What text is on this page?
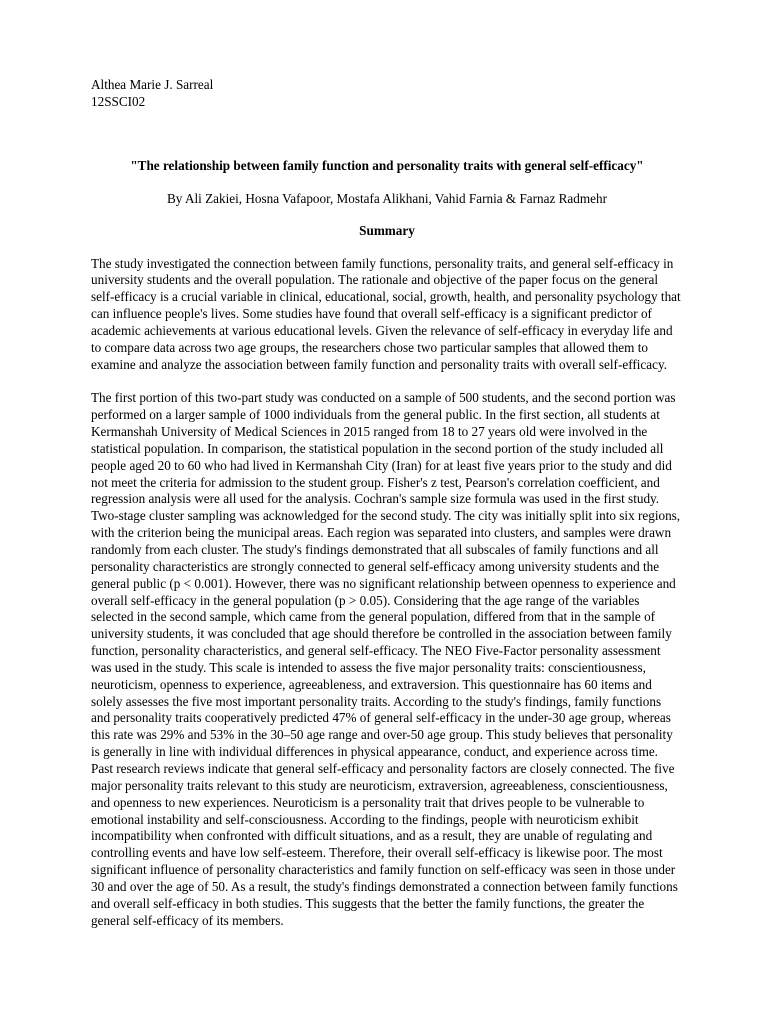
Althea Marie J. Sarreal

12SSCI02

"The relationship between family function and personality traits with general self-efficacy"

By Ali Zakiei, Hosna Vafapoor, Mostafa Alikhani, Vahid Farnia & Farnaz Radmehr

Summary

The study investigated the connection between family functions, personality traits, and general self-efficacy in university students and the overall population. The rationale and objective of the paper focus on the general self-efficacy is a crucial variable in clinical, educational, social, growth, health, and personality psychology that can influence people's lives. Some studies have found that overall self-efficacy is a significant predictor of academic achievements at various educational levels. Given the relevance of self-efficacy in everyday life and to compare data across two age groups, the researchers chose two particular samples that allowed them to examine and analyze the association between family function and personality traits with overall self-efficacy.

The first portion of this two-part study was conducted on a sample of 500 students, and the second portion was performed on a larger sample of 1000 individuals from the general public. In the first section, all students at Kermanshah University of Medical Sciences in 2015 ranged from 18 to 27 years old were involved in the statistical population. In comparison, the statistical population in the second portion of the study included all people aged 20 to 60 who had lived in Kermanshah City (Iran) for at least five years prior to the study and did not meet the criteria for admission to the student group. Fisher's z test, Pearson's correlation coefficient, and regression analysis were all used for the analysis. Cochran's sample size formula was used in the first study. Two-stage cluster sampling was acknowledged for the second study. The city was initially split into six regions, with the criterion being the municipal areas. Each region was separated into clusters, and samples were drawn randomly from each cluster. The study's findings demonstrated that all subscales of family functions and all personality characteristics are strongly connected to general self-efficacy among university students and the general public (p < 0.001). However, there was no significant relationship between openness to experience and overall self-efficacy in the general population (p > 0.05). Considering that the age range of the variables selected in the second sample, which came from the general population, differed from that in the sample of university students, it was concluded that age should therefore be controlled in the association between family function, personality characteristics, and general self-efficacy. The NEO Five-Factor personality assessment was used in the study. This scale is intended to assess the five major personality traits: conscientiousness, neuroticism, openness to experience, agreeableness, and extraversion. This questionnaire has 60 items and solely assesses the five most important personality traits. According to the study's findings, family functions and personality traits cooperatively predicted 47% of general self-efficacy in the under-30 age group, whereas this rate was 29% and 53% in the 30–50 age range and over-50 age group. This study believes that personality is generally in line with individual differences in physical appearance, conduct, and experience across time. Past research reviews indicate that general self-efficacy and personality factors are closely connected. The five major personality traits relevant to this study are neuroticism, extraversion, agreeableness, conscientiousness, and openness to new experiences. Neuroticism is a personality trait that drives people to be vulnerable to emotional instability and self-consciousness. According to the findings, people with neuroticism exhibit incompatibility when confronted with difficult situations, and as a result, they are unable of regulating and controlling events and have low self-esteem. Therefore, their overall self-efficacy is likewise poor. The most significant influence of personality characteristics and family function on self-efficacy was seen in those under 30 and over the age of 50. As a result, the study's findings demonstrated a connection between family functions and overall self-efficacy in both studies. This suggests that the better the family functions, the greater the general self-efficacy of its members.
